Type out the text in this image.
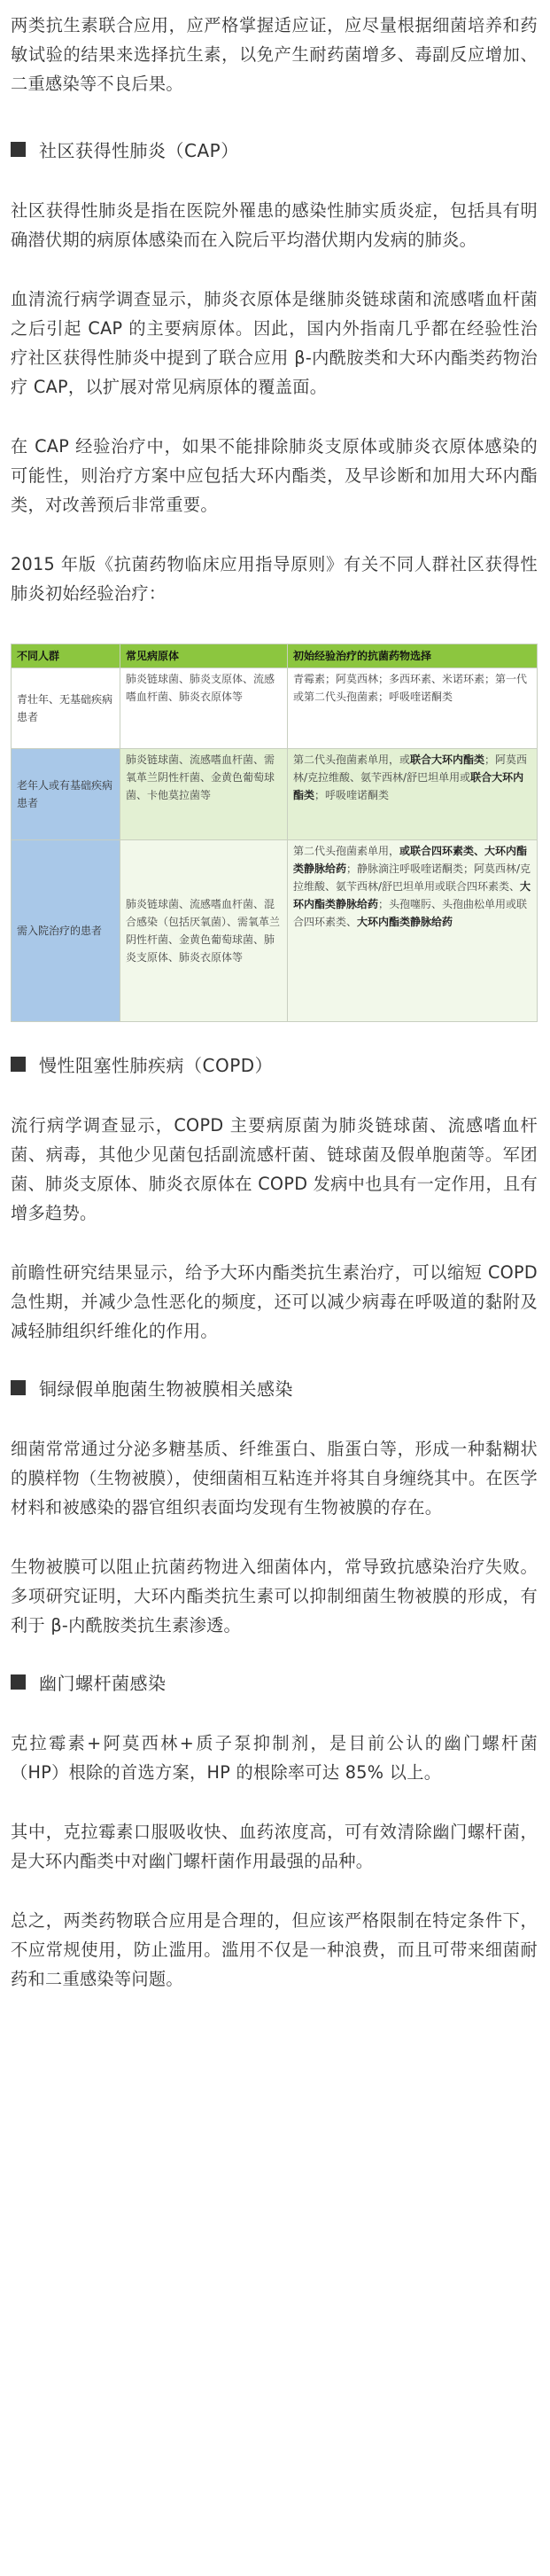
两类抗生素联合应用，应严格掌握适应证，应尽量根据细菌培养和药敏试验的结果来选择抗生素，以免产生耐药菌增多、毒副反应增加、二重感染等不良后果。

社区获得性肺炎（CAP）

社区获得性肺炎是指在医院外罹患的感染性肺实质炎症，包括具有明确潜伏期的病原体感染而在入院后平均潜伏期内发病的肺炎。

血清流行病学调查显示，肺炎衣原体是继肺炎链球菌和流感嗜血杆菌之后引起 CAP 的主要病原体。因此，国内外指南几乎都在经验性治疗社区获得性肺炎中提到了联合应用 β-内酰胺类和大环内酯类药物治疗 CAP，以扩展对常见病原体的覆盖面。

在 CAP 经验治疗中，如果不能排除肺炎支原体或肺炎衣原体感染的可能性，则治疗方案中应包括大环内酯类，及早诊断和加用大环内酯类，对改善预后非常重要。

2015 年版《抗菌药物临床应用指导原则》有关不同人群社区获得性肺炎初始经验治疗：

不同人群	常见病原体	初始经验治疗的抗菌药物选择
青壮年、无基础疾病患者	肺炎链球菌、肺炎支原体、流感嗜血杆菌、肺炎衣原体等	青霉素；阿莫西林；多西环素、米诺环素；第一代或第二代头孢菌素；呼吸喹诺酮类
老年人或有基础疾病患者	肺炎链球菌、流感嗜血杆菌、需氧革兰阴性杆菌、金黄色葡萄球菌、卡他莫拉菌等	第二代头孢菌素单用，或联合大环内酯类；阿莫西林/克拉维酸、氨苄西林/舒巴坦单用或联合大环内酯类；呼吸喹诺酮类
需入院治疗的患者	肺炎链球菌、流感嗜血杆菌、混合感染（包括厌氧菌）、需氧革兰阴性杆菌、金黄色葡萄球菌、肺炎支原体、肺炎衣原体等	第二代头孢菌素单用，或联合四环素类、大环内酯类静脉给药；静脉滴注呼吸喹诺酮类；阿莫西林/克拉维酸、氨苄西林/舒巴坦单用或联合四环素类、大环内酯类静脉给药；头孢噻肟、头孢曲松单用或联合四环素类、大环内酯类静脉给药
慢性阻塞性肺疾病（COPD）

流行病学调查显示，COPD 主要病原菌为肺炎链球菌、流感嗜血杆菌、病毒，其他少见菌包括副流感杆菌、链球菌及假单胞菌等。军团菌、肺炎支原体、肺炎衣原体在 COPD 发病中也具有一定作用，且有增多趋势。

前瞻性研究结果显示，给予大环内酯类抗生素治疗，可以缩短 COPD 急性期，并减少急性恶化的频度，还可以减少病毒在呼吸道的黏附及减轻肺组织纤维化的作用。

铜绿假单胞菌生物被膜相关感染

细菌常常通过分泌多糖基质、纤维蛋白、脂蛋白等，形成一种黏糊状的膜样物（生物被膜），使细菌相互粘连并将其自身缠绕其中。在医学材料和被感染的器官组织表面均发现有生物被膜的存在。

生物被膜可以阻止抗菌药物进入细菌体内，常导致抗感染治疗失败。多项研究证明，大环内酯类抗生素可以抑制细菌生物被膜的形成，有利于 β-内酰胺类抗生素渗透。

幽门螺杆菌感染

克拉霉素+阿莫西林+质子泵抑制剂，是目前公认的幽门螺杆菌（HP）根除的首选方案，HP 的根除率可达 85% 以上。

其中，克拉霉素口服吸收快、血药浓度高，可有效清除幽门螺杆菌，是大环内酯类中对幽门螺杆菌作用最强的品种。

总之，两类药物联合应用是合理的，但应该严格限制在特定条件下，不应常规使用，防止滥用。滥用不仅是一种浪费，而且可带来细菌耐药和二重感染等问题。
